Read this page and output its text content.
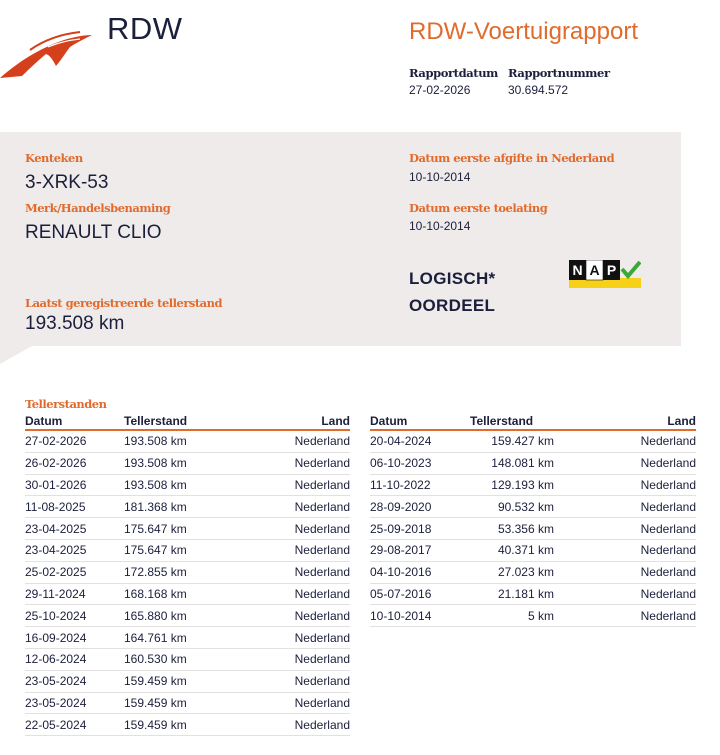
RDW	RDW-Voertuigrapport
Rapportdatum Rapportnummer
27-02-2026	30.694.572
Kenteken
3-XRK-53
Merk/Handelsbenaming
RENAULT CLIO
Laatst geregistreerde tellerstand
193.508 km
Datum eerste afgifte in Nederland
10-10-2014
Datum eerste toelating
10-10-2014
LOGISCH*
OORDEEL
N A P
Tellerstanden
Datum	Tellerstand	Land
27-02-2026	193.508 km	Nederland
26-02-2026	193.508 km	Nederland
30-01-2026	193.508 km	Nederland
11-08-2025	181.368 km	Nederland
23-04-2025	175.647 km	Nederland
23-04-2025	175.647 km	Nederland
25-02-2025	172.855 km	Nederland
29-11-2024	168.168 km	Nederland
25-10-2024	165.880 km	Nederland
16-09-2024	164.761 km	Nederland
12-06-2024	160.530 km	Nederland
23-05-2024	159.459 km	Nederland
23-05-2024	159.459 km	Nederland
22-05-2024	159.459 km	Nederland
Datum	Tellerstand	Land
20-04-2024	159.427 km	Nederland
06-10-2023	148.081 km	Nederland
11-10-2022	129.193 km	Nederland
28-09-2020	90.532 km	Nederland
25-09-2018	53.356 km	Nederland
29-08-2017	40.371 km	Nederland
04-10-2016	27.023 km	Nederland
05-07-2016	21.181 km	Nederland
10-10-2014	5 km	Nederland
